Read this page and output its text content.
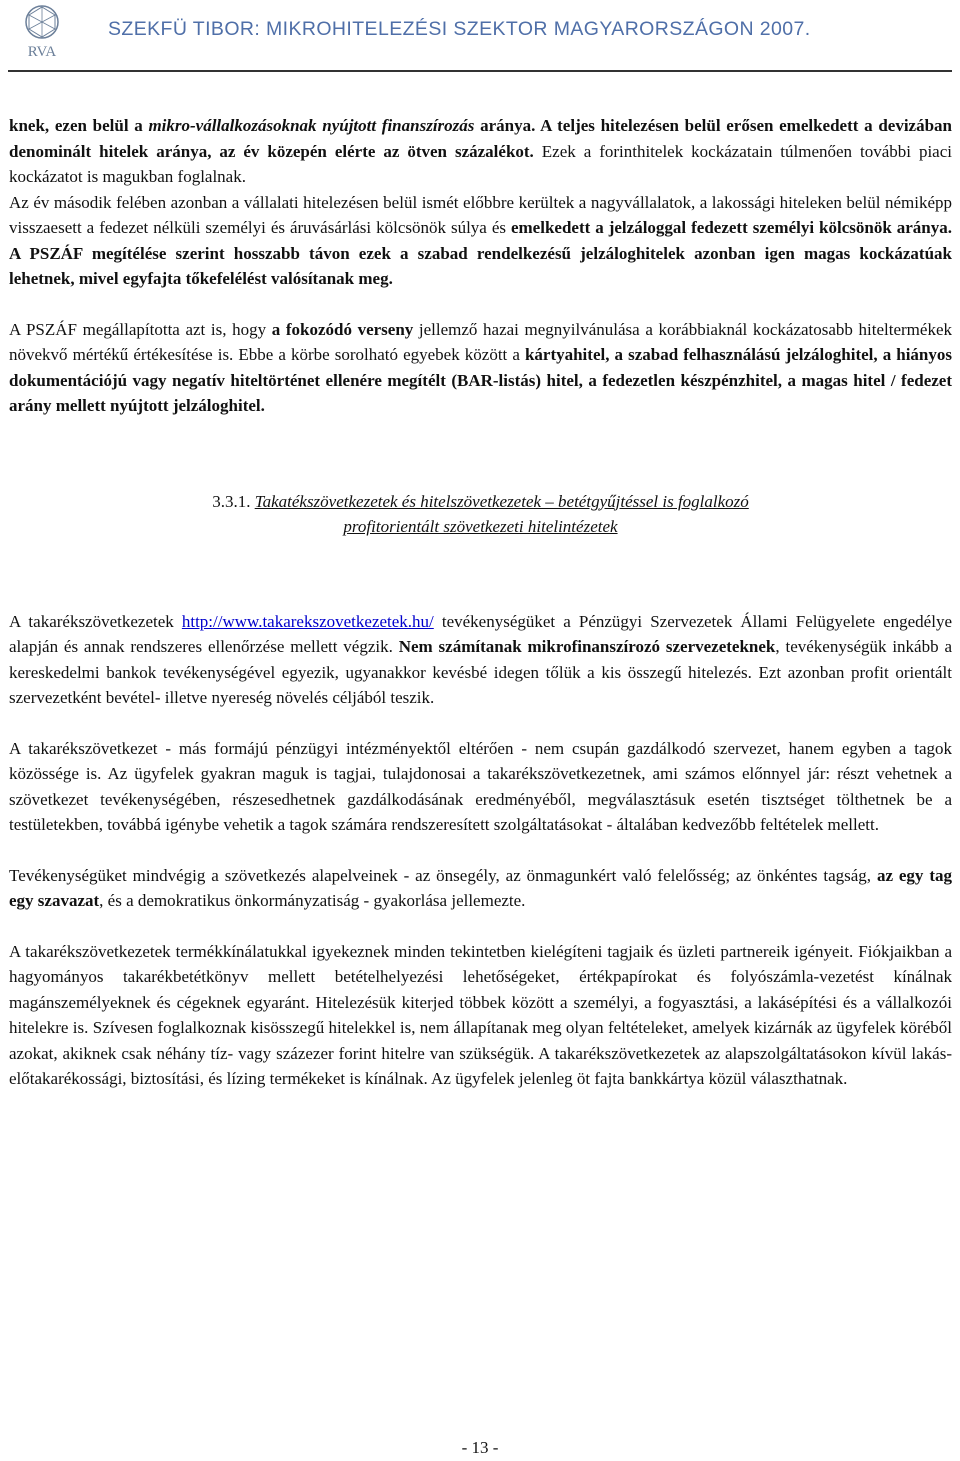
RVA
SZEKFÜ TIBOR: MIKROHITELEZÉSI SZEKTOR MAGYARORSZÁGON 2007.

knek, ezen belül a mikro-vállalkozásoknak nyújtott finanszírozás aránya. A teljes hitelezésen belül erősen emelkedett a devizában denominált hitelek aránya, az év közepén elérte az ötven százalékot. Ezek a forinthitelek kockázatain túlmenően további piaci kockázatot is magukban foglalnak.

Az év második felében azonban a vállalati hitelezésen belül ismét előbbre kerültek a nagyvállalatok, a lakossági hiteleken belül némiképp visszaesett a fedezet nélküli személyi és áruvásárlási kölcsönök súlya és emelkedett a jelzáloggal fedezett személyi kölcsönök aránya. A PSZÁF megítélése szerint hosszabb távon ezek a szabad rendelkezésű jelzáloghitelek azonban igen magas kockázatúak lehetnek, mivel egyfajta tőkefelélést valósítanak meg.

A PSZÁF megállapította azt is, hogy a fokozódó verseny jellemző hazai megnyilvánulása a korábbiaknál kockázatosabb hiteltermékek növekvő mértékű értékesítése is. Ebbe a körbe sorolható egyebek között a kártyahitel, a szabad felhasználású jelzáloghitel, a hiányos dokumentációjú vagy negatív hiteltörténet ellenére megítélt (BAR-listás) hitel, a fedezetlen készpénzhitel, a magas hitel / fedezet arány mellett nyújtott jelzáloghitel.

3.3.1. Takatékszövetkezetek és hitelszövetkezetek – betétgyűjtéssel is foglalkozó
profitorientált szövetkezeti hitelintézetek

A takarékszövetkezetek http://www.takarekszovetkezetek.hu/ tevékenységüket a Pénzügyi Szervezetek Állami Felügyelete engedélye alapján és annak rendszeres ellenőrzése mellett végzik. Nem számítanak mikrofinanszírozó szervezeteknek, tevékenységük inkább a kereskedelmi bankok tevékenységével egyezik, ugyanakkor kevésbé idegen tőlük a kis összegű hitelezés. Ezt azonban profit orientált szervezetként bevétel- illetve nyereség növelés céljából teszik.

A takarékszövetkezet - más formájú pénzügyi intézményektől eltérően - nem csupán gazdálkodó szervezet, hanem egyben a tagok közössége is. Az ügyfelek gyakran maguk is tagjai, tulajdonosai a takarékszövetkezetnek, ami számos előnnyel jár: részt vehetnek a szövetkezet tevékenységében, részesedhetnek gazdálkodásának eredményéből, megválasztásuk esetén tisztséget tölthetnek be a testületekben, továbbá igénybe vehetik a tagok számára rendszeresített szolgáltatásokat - általában kedvezőbb feltételek mellett.

Tevékenységüket mindvégig a szövetkezés alapelveinek - az önsegély, az önmagunkért való felelősség; az önkéntes tagság, az egy tag egy szavazat, és a demokratikus önkormányzatiság - gyakorlása jellemezte.

A takarékszövetkezetek termékkínálatukkal igyekeznek minden tekintetben kielégíteni tagjaik és üzleti partnereik igényeit. Fiókjaikban a hagyományos takarékbetétkönyv mellett betételhelyezési lehetőségeket, értékpapírokat és folyószámla-vezetést kínálnak magánszemélyeknek és cégeknek egyaránt. Hitelezésük kiterjed többek között a személyi, a fogyasztási, a lakásépítési és a vállalkozói hitelekre is. Szívesen foglalkoznak kisösszegű hitelekkel is, nem állapítanak meg olyan feltételeket, amelyek kizárnák az ügyfelek köréből azokat, akiknek csak néhány tíz- vagy százezer forint hitelre van szükségük. A takarékszövetkezetek az alapszolgáltatásokon kívül lakás-előtakarékossági, biztosítási, és lízing termékeket is kínálnak. Az ügyfelek jelenleg öt fajta bankkártya közül választhatnak.

- 13 -
